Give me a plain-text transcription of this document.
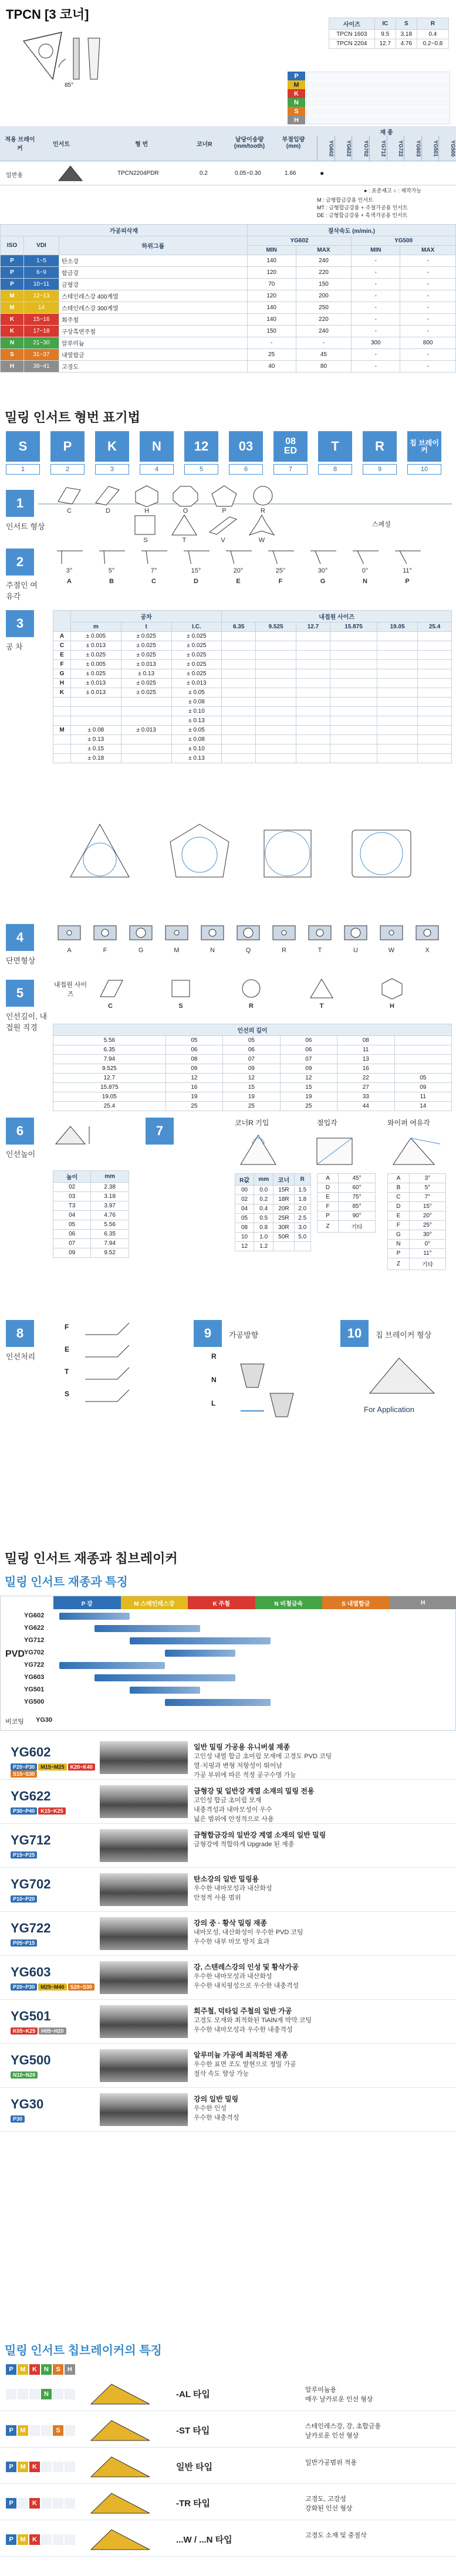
TPCN [3 코너]
85°
사이즈	IC	S	R
TPCN 1603	9.5	3.18	0.4
TPCN 2204	12.7	4.76	0.2~0.8
P
M
K
N
S
H
적용 브레이커
인서트	형 번	코너R
날당이송량 (mm/tooth)
부절입량 (mm)
재 종
YG602	YG622	YG702	YG712	YG722	YG603	YG501	YG500
일반용	TPCN2204PDR	0.2	0.05~0.30	1.66	●
● : 표준재고 ○ : 제작가능
M : 금형합금강용 인서트
MT : 금형합금강용 + 주철가공용 인서트
DE : 금형합금강용 + 흑색가공용 인서트
가공피삭재			절삭속도 (m/min.)			
ISO	VDI	하위그룹	YG602		YG500	
			MIN	MAX	MIN	MAX
P	1~5	탄소강	140	240	-	-
P	6~9	합금강	120	220	-	-
P	10~11	금형강	70	150	-	-
M	12~13	스테인레스강 400계열	120	200	-	-
M	14	스테인레스강 300계열	140	250	-	-
K	15~16	회주철	140	220	-	-
K	17~18	구상흑연주철	150	240	-	-
N	21~30	알루미늄	-	-	300	800
S	31~37	내열합금	25	45	-	-
H	38~41	고경도	40	80	-	-
밀링 인서트 형번 표기법
S
1
P
2
K
3
N
4
12
5
03
6
08
ED
7
T
8
R
9
칩 브레이커
10
1
인서트 형상
C	D	H	O	P	R
S	T	V	W
스페셜
2
주절인 여유각
3°
A
5°
B
7°
C
15°
D
20°
E
25°
F
30°
G
0°
N
11°
P
3
공 차
	공차			내접원 사이즈					
	m	t	I.C.	6.35	9.525	12.7	15.875	19.05	25.4
A	± 0.005	± 0.025	± 0.025						
C	± 0.013	± 0.025	± 0.025						
E	± 0.025	± 0.025	± 0.025						
F	± 0.005	± 0.013	± 0.025						
G	± 0.025	± 0.13	± 0.025						
H	± 0.013	± 0.025	± 0.013						
K	± 0.013	± 0.025	± 0.05						
			± 0.08						
			± 0.10						
			± 0.13						
M	± 0.08	± 0.013	± 0.05						
	± 0.13		± 0.08						
	± 0.15		± 0.10						
	± 0.18		± 0.13						
4
단면형상
A	F	G	M	N	Q	R	T	U	W	X
5
인선길이, 내접원 직경
내접원 사이즈
C	S	R	T	H
인선의 길이					
5.56	05	05	06	08	
6.35	06	06	06	11	
7.94	08	07	07	13	
9.525	09	09	09	16	
12.7	12	12	12	22	05
15.875	16	15	15	27	09
19.05	19	19	19	33	11
25.4	25	25	25	44	14
6
인선높이
높이	mm
02	2.38
03	3.18
T3	3.97
04	4.76
05	5.56
06	6.35
07	7.94
09	9.52
7
코너R 기입	절입각	와이퍼 여유각
R값	mm	코너	R
00	0.0	15R	1.5
02	0.2	18R	1.8
04	0.4	20R	2.0
05	0.5	25R	2.5
08	0.8	30R	3.0
10	1.0	50R	5.0
12	1.2		
A	45°
D	60°
E	75°
F	85°
P	90°
Z	기타
A	3°
B	5°
C	7°
D	15°
E	20°
F	25°
G	30°
N	0°
P	11°
Z	기타
8
인선처리
F
E
T
S
9	가공방향
R
N
L
10	칩 브레이커 형상
For Application
밀링 인서트 재종과 칩브레이커
밀링 인서트 재종과 특징
P 강	M 스테인레스강	K 주철	N 비철금속	S 내열합금	H
PVD
YG602
YG622
YG712
YG702
YG722
YG603
YG501
YG500
비코팅 YG30
YG602
P20~P30 M15~M25 K20~K40S15~S30
PVD • AlTiN
일반 밀링 가공용 유니버셜 재종
고인성 내열 합금 초미립 모재에 고경도 PVD 코팅
열·치핑과 변형 저항성이 뛰어남
가공 부위에 따른 적정 공구수명 가능
YG622
P30~P40 K15~K25
PVD • AlCrN
금형강 및 일반강 계열 소재의 밀링 전용
고인성 합금 초미립 모재
내충격성과 내마모성이 우수
넓은 범위에 안정적으로 사용
YG712
P15~P25
PVD • AlCrN
금형합금강의 일반강 계열 소재의 일반 밀링
금형강에 적합하게 Upgrade 된 재종
YG702
P10~P20
PVD • TiAlN
탄소강의 일반 밀링용
우수한 내마모성과 내산화성
안정적 사용 범위
YG722
P05~P15
PVD • AlCrN
강의 중 · 황삭 밀링 재종
내마모성, 내산화성이 우수한 PVD 코팅
우수한 내부 마모 방지 효과
YG603
P20~P30 M25~M40 S20~S30
PVD • TiAlN
강, 스텐레스강의 인성 및 황삭가공
우수한 내마모성과 내산화성
우수한 내치핑성으로 우수한 내충격성
YG501
K05~K25 H05~H20
PVD • TiAlN
회주철, 덕타일 주철의 일반 가공
고경도 모재와 최적화된 TiAlN계 박막 코팅
우수한 내마모성과 우수한 내충격성
YG500
N10~N20
PVD • CrN
알루미늄 가공에 최적화된 재종
우수한 표면 조도 발현으로 정밀 가공
절삭 속도 향상 가능
YG30
P30
강의 일반 밀링
우수한 인성
우수한 내충격성
밀링 인서트 칩브레이커의 특징
P	M	K	N	S	H
N	-AL 타입	알루미늄용
매우 날카로운 인선 형상
P	M	S	-ST 타입	스테인레스강, 강, 초합금용
날카로운 인선 형상
P	M	K	일반 타입	일반가공범위 적용
P	K	-TR 타입	고경도, 고강성
강화된 인선 형상
P	M	K	...W / ...N 타입	고경도 소재 및 중절삭
